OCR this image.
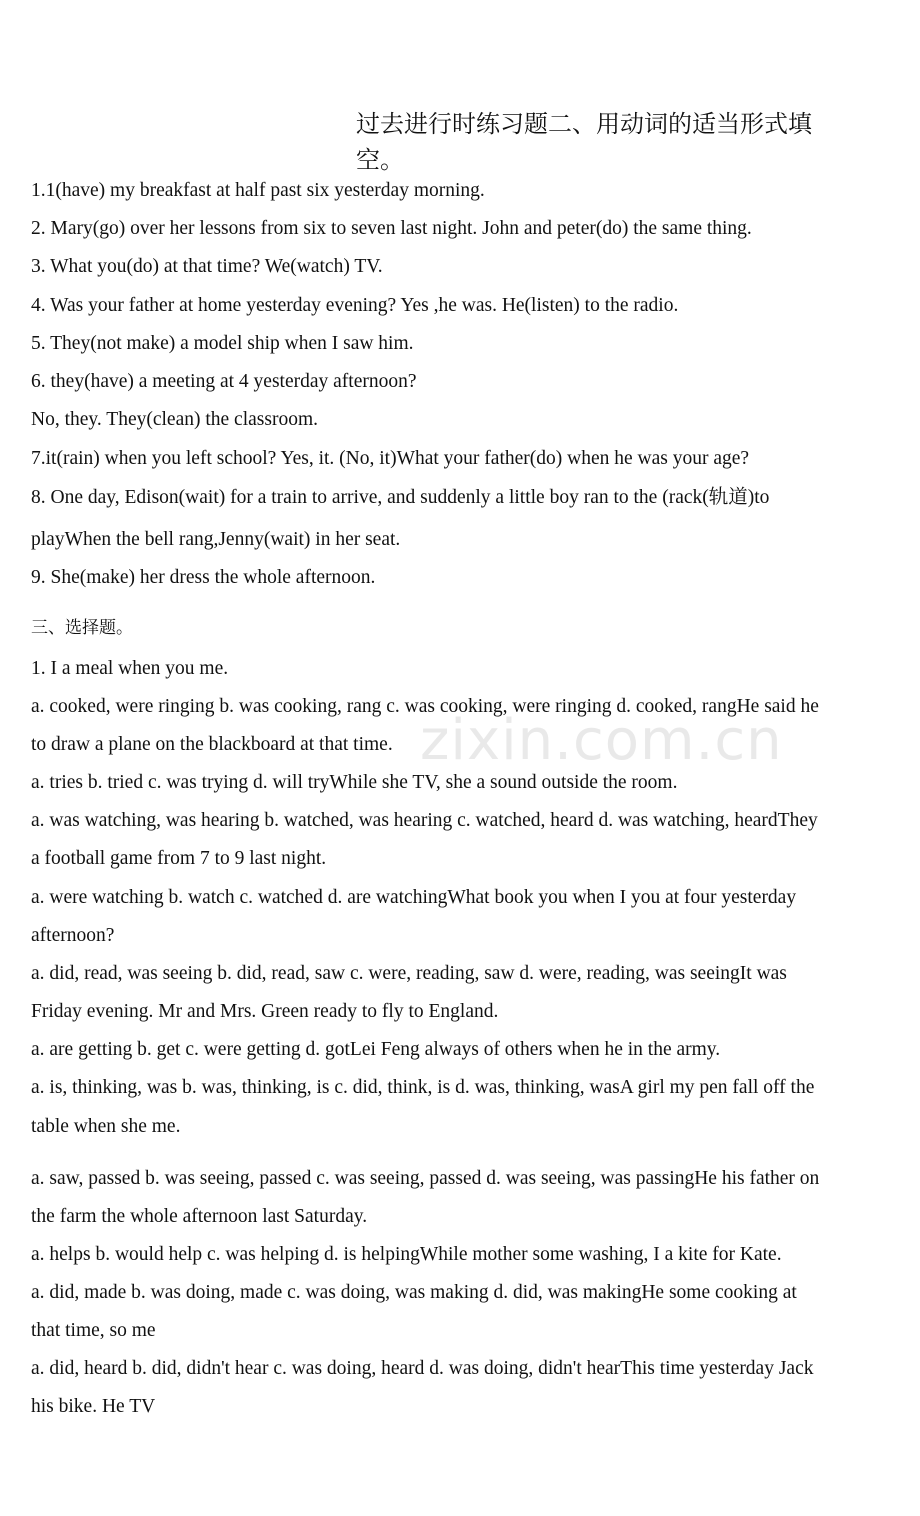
过去进行时练习题二、用动词的适当形式填空。
zixin.com.cn
1.1(have) my breakfast at half past six yesterday morning.
2. Mary(go) over her lessons from six to seven last night. John and peter(do) the same thing.
3. What you(do) at that time? We(watch) TV.
4. Was your father at home yesterday evening? Yes ,he was. He(listen) to the radio.
5. They(not make) a model ship when I saw him.
6. they(have) a meeting at 4 yesterday afternoon?
No, they. They(clean) the classroom.
7.it(rain) when you left school? Yes, it. (No, it)What your father(do) when he was your age?
8. One day, Edison(wait) for a train to arrive, and suddenly a little boy ran to the (rack(轨道)to
playWhen the bell rang,Jenny(wait) in her seat.
9. She(make) her dress the whole afternoon.
三、选择题。
1. I a meal when you me.
a. cooked, were ringing b. was cooking, rang c. was cooking, were ringing d. cooked, rangHe said he
to draw a plane on the blackboard at that time.
a. tries b. tried c. was trying d. will tryWhile she TV, she a sound outside the room.
a. was watching, was hearing b. watched, was hearing c. watched, heard d. was watching, heardThey
a football game from 7 to 9 last night.
a. were watching b. watch c. watched d. are watchingWhat book you when I you at four yesterday
afternoon?
a. did, read, was seeing b. did, read, saw c. were, reading, saw d. were, reading, was seeingIt was
Friday evening. Mr and Mrs. Green ready to fly to England.
a. are getting b. get c. were getting d. gotLei Feng always of others when he in the army.
a. is, thinking, was b. was, thinking, is c. did, think, is d. was, thinking, wasA girl my pen fall off the
table when she me.
a. saw, passed b. was seeing, passed c. was seeing, passed d. was seeing, was passingHe his father on
the farm the whole afternoon last Saturday.
a. helps b. would help c. was helping d. is helpingWhile mother some washing, I a kite for Kate.
a. did, made b. was doing, made c. was doing, was making d. did, was makingHe some cooking at
that time, so me
a. did, heard b. did, didn't hear c. was doing, heard d. was doing, didn't hearThis time yesterday Jack
his bike. He TV
